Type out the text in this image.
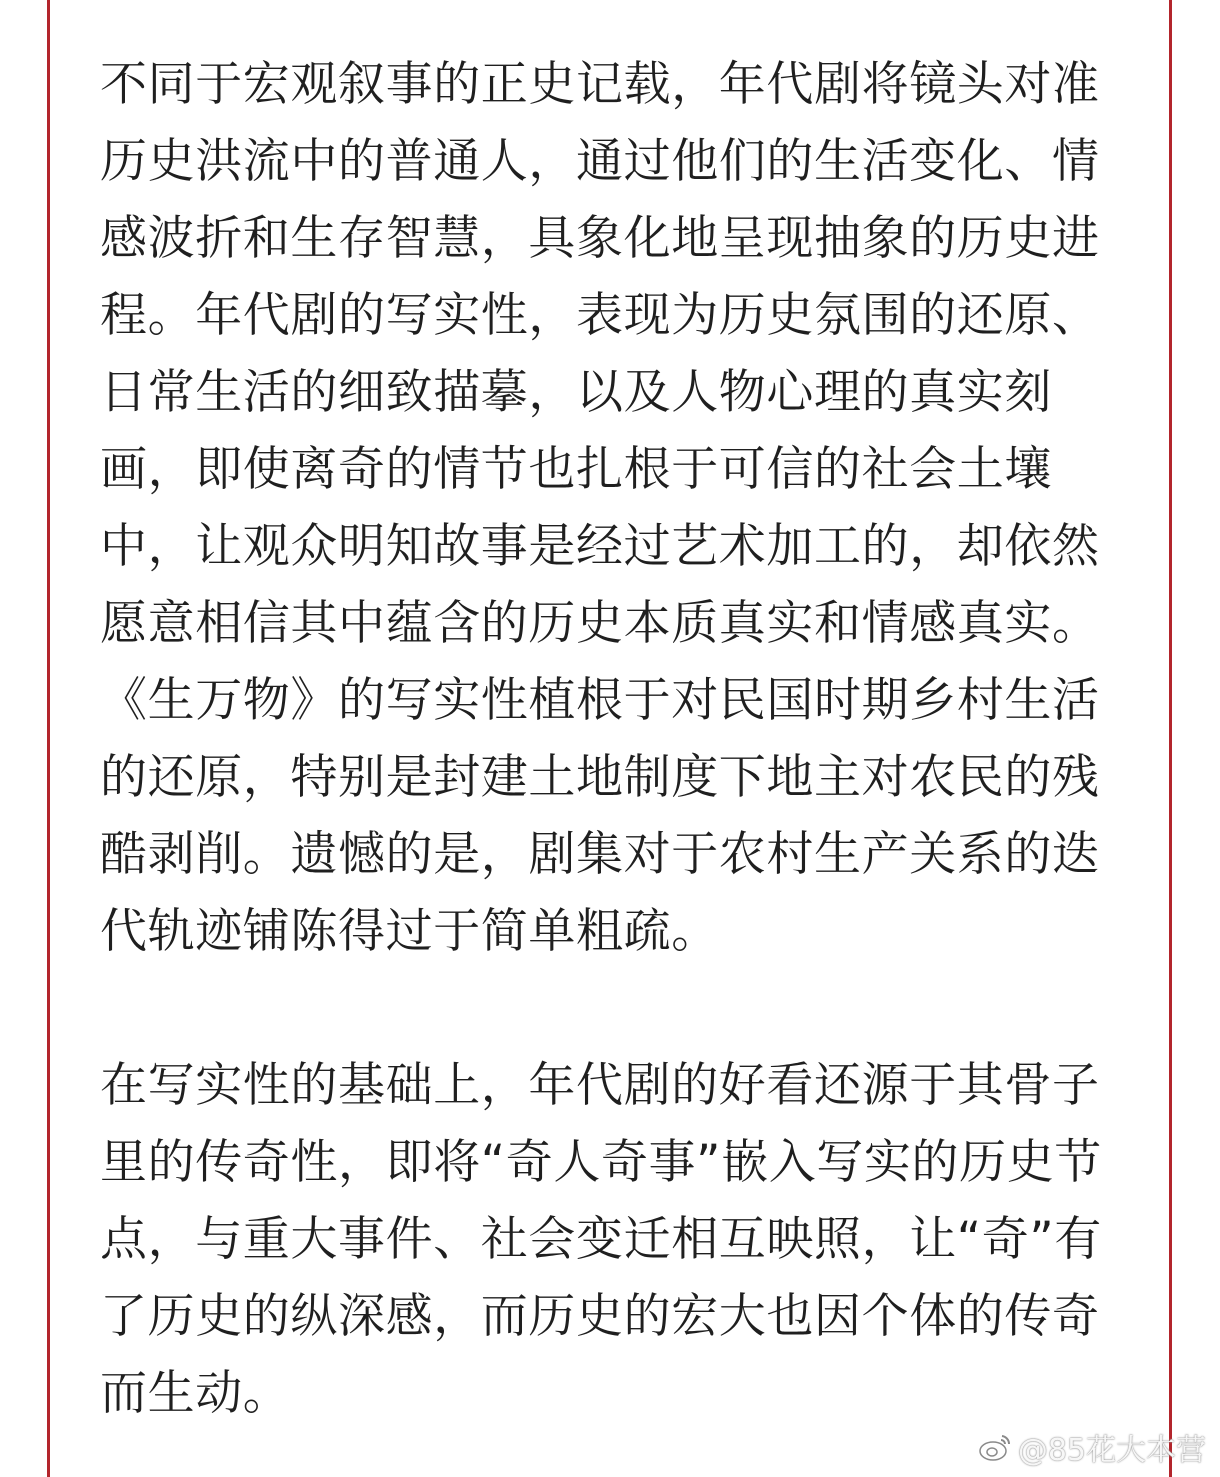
不同于宏观叙事的正史记载，年代剧将镜头对准
历史洪流中的普通人，通过他们的生活变化、情
感波折和生存智慧，具象化地呈现抽象的历史进
程。年代剧的写实性，表现为历史氛围的还原、
日常生活的细致描摹，以及人物心理的真实刻
画，即使离奇的情节也扎根于可信的社会土壤
中，让观众明知故事是经过艺术加工的，却依然
愿意相信其中蕴含的历史本质真实和情感真实。
《生万物》的写实性植根于对民国时期乡村生活
的还原，特别是封建土地制度下地主对农民的残
酷剥削。遗憾的是，剧集对于农村生产关系的迭
代轨迹铺陈得过于简单粗疏。

在写实性的基础上，年代剧的好看还源于其骨子
里的传奇性，即将“奇人奇事”嵌入写实的历史节
点，与重大事件、社会变迁相互映照，让“奇”有
了历史的纵深感，而历史的宏大也因个体的传奇
而生动。

@85花大本营
